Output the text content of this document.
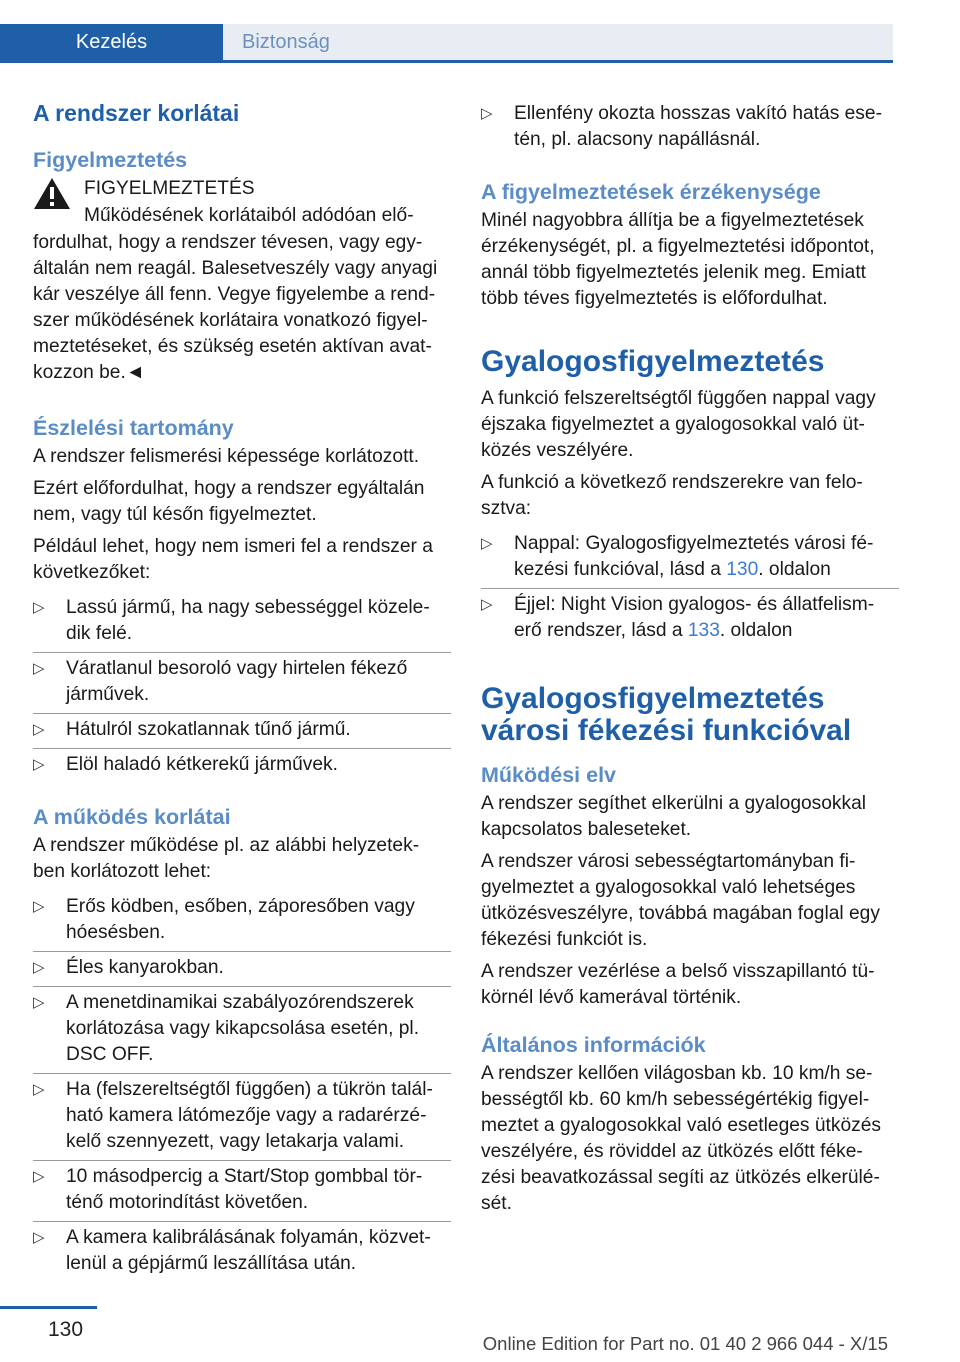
Kezelés	Biztonság
A rendszer korlátai
Figyelmeztetés
FIGYELMEZTETÉS
Működésének korlátaiból adódóan elő-

fordulhat, hogy a rendszer tévesen, vagy egy- általán nem reagál. Balesetveszély vagy anyagi kár veszélye áll fenn. Vegye figyelembe a rend- szer működésének korlátaira vonatkozó figyel- meztetéseket, és szükség esetén aktívan avat- kozzon be.◄

Észlelési tartomány

A rendszer felismerési képessége korlátozott.

Ezért előfordulhat, hogy a rendszer egyáltalán nem, vagy túl későn figyelmeztet.

Például lehet, hogy nem ismeri fel a rendszer a következőket:

▷ Lassú jármű, ha nagy sebességgel közele- dik felé.
▷ Váratlanul besoroló vagy hirtelen fékező járművek.
▷ Hátulról szokatlannak tűnő jármű.
▷ Elöl haladó kétkerekű járművek.
A működés korlátai

A rendszer működése pl. az alábbi helyzetek- ben korlátozott lehet:

▷ Erős ködben, esőben, záporesőben vagy hóesésben.
▷ Éles kanyarokban.
▷ A menetdinamikai szabályozórendszerek korlátozása vagy kikapcsolása esetén, pl. DSC OFF.
▷ Ha (felszereltségtől függően) a tükrön talál- ható kamera látómezője vagy a radarérzé- kelő szennyezett, vagy letakarja valami.
▷ 10 másodpercig a Start/Stop gombbal tör- ténő motorindítást követően.
▷ A kamera kalibrálásának folyamán, közvet- lenül a gépjármű leszállítása után.
▷ Ellenfény okozta hosszas vakító hatás ese- tén, pl. alacsony napállásnál.
A figyelmeztetések érzékenysége

Minél nagyobbra állítja be a figyelmeztetések érzékenységét, pl. a figyelmeztetési időpontot, annál több figyelmeztetés jelenik meg. Emiatt több téves figyelmeztetés is előfordulhat.

Gyalogosfigyelmeztetés

A funkció felszereltségtől függően nappal vagy éjszaka figyelmeztet a gyalogosokkal való üt- közés veszélyére.

A funkció a következő rendszerekre van felo- sztva:

▷ Nappal: Gyalogosfigyelmeztetés városi fé- kezési funkcióval, lásd a 130. oldalon
▷ Éjjel: Night Vision gyalogos- és állatfelism- erő rendszer, lásd a 133. oldalon
Gyalogosfigyelmeztetés városi fékezési funkcióval
Működési elv

A rendszer segíthet elkerülni a gyalogosokkal kapcsolatos baleseteket.

A rendszer városi sebességtartományban fi- gyelmeztet a gyalogosokkal való lehetséges ütközésveszélyre, továbbá magában foglal egy fékezési funkciót is.

A rendszer vezérlése a belső visszapillantó tü- körnél lévő kamerával történik.

Általános információk

A rendszer kellően világosban kb. 10 km/h se- bességtől kb. 60 km/h sebességértékig figyel- meztet a gyalogosokkal való esetleges ütközés veszélyére, és röviddel az ütközés előtt féke- zési beavatkozással segíti az ütközés elkerülé- sét.

130
Online Edition for Part no. 01 40 2 966 044 - X/15
